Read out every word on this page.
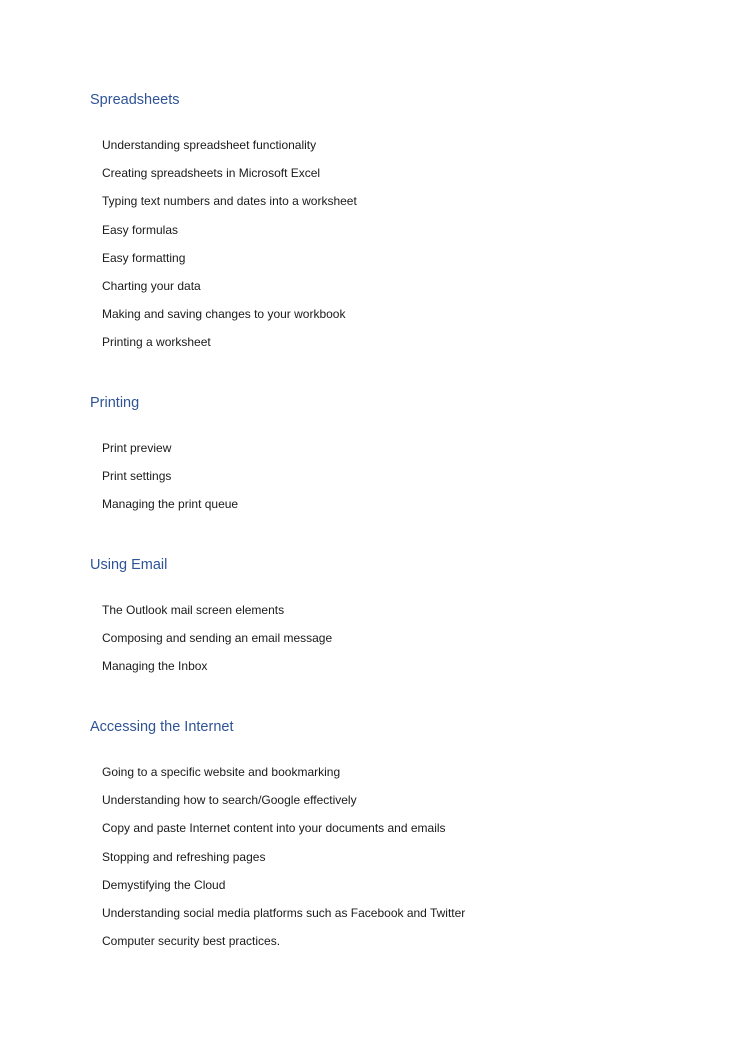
Spreadsheets
Understanding spreadsheet functionality
Creating spreadsheets in Microsoft Excel
Typing text numbers and dates into a worksheet
Easy formulas
Easy formatting
Charting your data
Making and saving changes to your workbook
Printing a worksheet
Printing
Print preview
Print settings
Managing the print queue
Using Email
The Outlook mail screen elements
Composing and sending an email message
Managing the Inbox
Accessing the Internet
Going to a specific website and bookmarking
Understanding how to search/Google effectively
Copy and paste Internet content into your documents and emails
Stopping and refreshing pages
Demystifying the Cloud
Understanding social media platforms such as Facebook and Twitter
Computer security best practices.
